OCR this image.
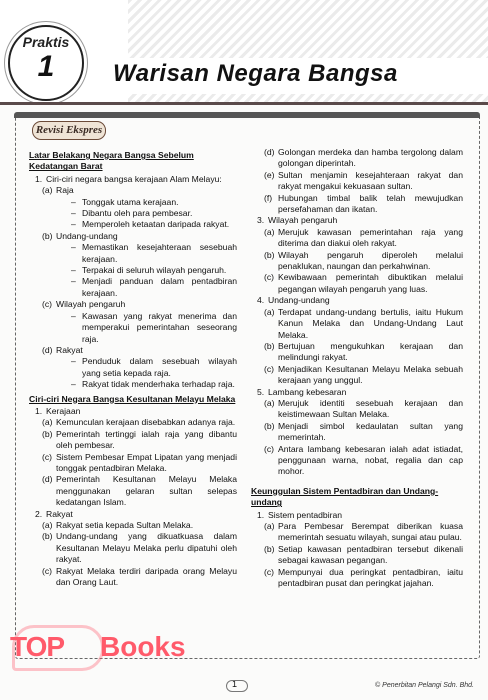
Praktis
1	Warisan Negara Bangsa
Revisi Ekspres
Latar Belakang Negara Bangsa Sebelum Kedatangan Barat
1. Ciri-ciri negara bangsa kerajaan Alam Melayu:
(a) Raja
– Tonggak utama kerajaan.
– Dibantu oleh para pembesar.
– Memperoleh ketaatan daripada rakyat.
(b) Undang-undang
– Memastikan kesejahteraan sesebuah kerajaan.
– Terpakai di seluruh wilayah pengaruh.
– Menjadi panduan dalam pentadbiran kerajaan.
(c) Wilayah pengaruh
– Kawasan yang rakyat menerima dan memperakui pemerintahan seseorang raja.
(d) Rakyat
– Penduduk dalam sesebuah wilayah yang setia kepada raja.
– Rakyat tidak menderhaka terhadap raja.
Ciri-ciri Negara Bangsa Kesultanan Melayu Melaka
1. Kerajaan
(a) Kemunculan kerajaan disebabkan adanya raja.
(b) Pemerintah tertinggi ialah raja yang dibantu oleh pembesar.
(c) Sistem Pembesar Empat Lipatan yang menjadi tonggak pentadbiran Melaka.
(d) Pemerintah Kesultanan Melayu Melaka menggunakan gelaran sultan selepas kedatangan Islam.
2. Rakyat
(a) Rakyat setia kepada Sultan Melaka.
(b) Undang-undang yang dikuatkuasa dalam Kesultanan Melayu Melaka perlu dipatuhi oleh rakyat.
(c) Rakyat Melaka terdiri daripada orang Melayu dan Orang Laut.
(d) Golongan merdeka dan hamba tergolong dalam golongan diperintah.
(e) Sultan menjamin kesejahteraan rakyat dan rakyat mengakui kekuasaan sultan.
(f) Hubungan timbal balik telah mewujudkan persefahaman dan ikatan.
3. Wilayah pengaruh
(a) Merujuk kawasan pemerintahan raja yang diterima dan diakui oleh rakyat.
(b) Wilayah pengaruh diperoleh melalui penaklukan, naungan dan perkahwinan.
(c) Kewibawaan pemerintah dibuktikan melalui pegangan wilayah pengaruh yang luas.
4. Undang-undang
(a) Terdapat undang-undang bertulis, iaitu Hukum Kanun Melaka dan Undang-Undang Laut Melaka.
(b) Bertujuan mengukuhkan kerajaan dan melindungi rakyat.
(c) Menjadikan Kesultanan Melayu Melaka sebuah kerajaan yang unggul.
5. Lambang kebesaran
(a) Merujuk identiti sesebuah kerajaan dan keistimewaan Sultan Melaka.
(b) Menjadi simbol kedaulatan sultan yang memerintah.
(c) Antara lambang kebesaran ialah adat istiadat, penggunaan warna, nobat, regalia dan cap mohor.
Keunggulan Sistem Pentadbiran dan Undang-undang
1. Sistem pentadbiran
(a) Para Pembesar Berempat diberikan kuasa memerintah sesuatu wilayah, sungai atau pulau.
(b) Setiap kawasan pentadbiran tersebut dikenali sebagai kawasan pegangan.
(c) Mempunyai dua peringkat pentadbiran, iaitu pentadbiran pusat dan peringkat jajahan.
TOP Books
1	© Penerbitan Pelangi Sdn. Bhd.
